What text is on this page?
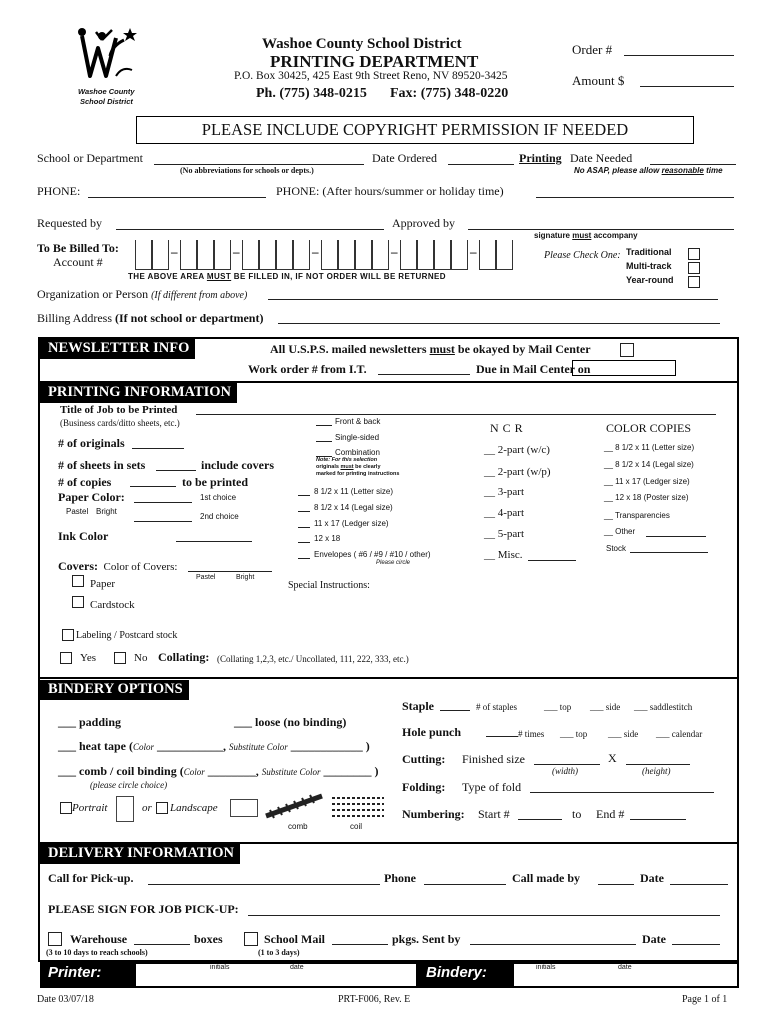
Washoe County
School District
Washoe County School District
PRINTING DEPARTMENT
P.O. Box 30425, 425 East 9th Street Reno, NV 89520-3425
Ph. (775) 348-0215 Fax: (775) 348-0220
Order #
Amount $
PLEASE INCLUDE COPYRIGHT PERMISSION IF NEEDED
School or Department
(No abbreviations for schools or depts.)
Date Ordered	Printing Date Needed
No ASAP, please allow reasonable time
PHONE:	PHONE: (After hours/summer or holiday time)
Requested by	Approved by
signature must accompany
To Be Billed To:
Account #
–	–	–	–	–
THE ABOVE AREA MUST BE FILLED IN, IF NOT ORDER WILL BE RETURNED
Please Check One: Traditional
Multi-track
Year-round
Organization or Person (If different from above)
Billing Address (If not school or department)
NEWSLETTER INFO	All U.S.P.S. mailed newsletters must be okayed by Mail Center
Work order # from I.T.	Due in Mail Center on
PRINTING INFORMATION
Title of Job to be Printed
(Business cards/ditto sheets, etc.)
# of originals
# of sheets in sets	include covers
# of copies	to be printed
Paper Color:	1st choice
Pastel Bright
2nd choice
Ink Color
Covers: Color of Covers:
Pastel	Bright
Paper
Cardstock
Front & back
Single-sided
Combination
Note: For this selection
originals must be clearly
marked for printing instructions
8 1/2 x 11 (Letter size)
8 1/2 x 14 (Legal size)
11 x 17 (Ledger size)
12 x 18
Envelopes ( #6 / #9 / #10 / other)
Please circle
Special Instructions:
N C R
__ 2-part (w/c)
__ 2-part (w/p)
__ 3-part
__ 4-part
__ 5-part
__ Misc.
COLOR COPIES
__ 8 1/2 x 11 (Letter size)
__ 8 1/2 x 14 (Legal size)
__ 11 x 17 (Ledger size)
__ 12 x 18 (Poster size)
__ Transparencies
__ Other
Stock
Labeling / Postcard stock
Yes	No Collating: (Collating 1,2,3, etc./ Uncollated, 111, 222, 333, etc.)
BINDERY OPTIONS
___ padding	___ loose (no binding)
___ heat tape (Color ___________, Substitute Color ____________ )
___ comb / coil binding (Color ________, Substitute Color ________ )
(please circle choice)
Portrait	or Landscape
comb	coil
Staple	# of staples	___ top ___ side ___ saddlestitch
Hole punch	# times ___ top ___ side ___ calendar
Cutting: Finished size	X
(width)	(height)
Folding: Type of fold
Numbering: Start #	to End #
DELIVERY INFORMATION
Call for Pick-up.	Phone	Call made by	Date
PLEASE SIGN FOR JOB PICK-UP:
Warehouse	boxes	School Mail	pkgs. Sent by	Date
(3 to 10 days to reach schools)	(1 to 3 days)
Printer:	initials	date	Bindery:	initials	date
Date 03/07/18	PRT-F006, Rev. E	Page 1 of 1
